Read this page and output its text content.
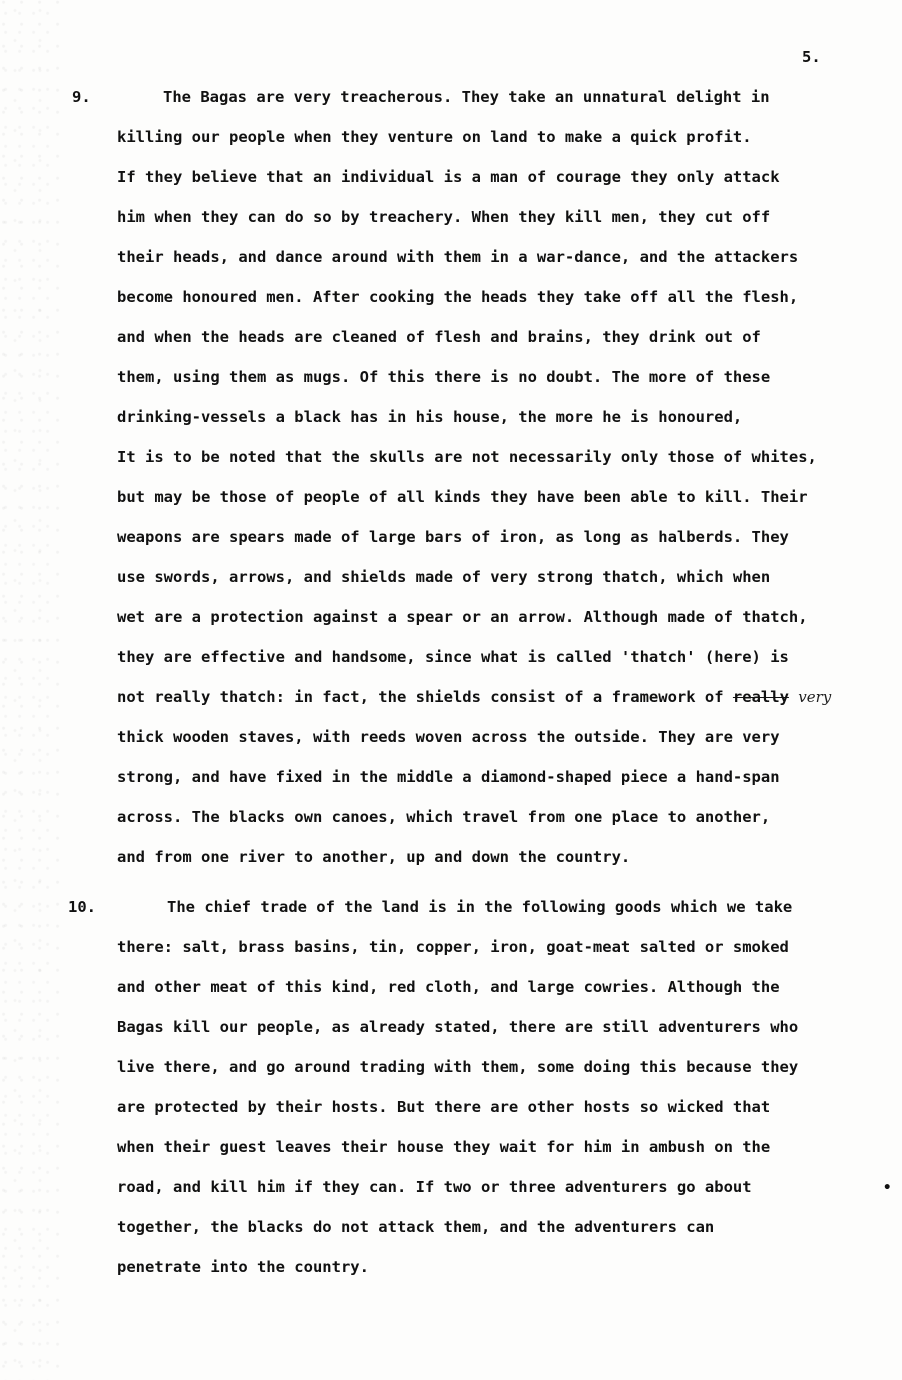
5.
9.	The Bagas are very treacherous. They take an unnatural delight in
killing our people when they venture on land to make a quick profit.
If they believe that an individual is a man of courage they only attack
him when they can do so by treachery. When they kill men, they cut off
their heads, and dance around with them in a war-dance, and the attackers
become honoured men. After cooking the heads they take off all the flesh,
and when the heads are cleaned of flesh and brains, they drink out of
them, using them as mugs. Of this there is no doubt. The more of these
drinking-vessels a black has in his house, the more he is honoured,
It is to be noted that the skulls are not necessarily only those of whites,
but may be those of people of all kinds they have been able to kill. Their
weapons are spears made of large bars of iron, as long as halberds. They
use swords, arrows, and shields made of very strong thatch, which when
wet are a protection against a spear or an arrow. Although made of thatch,
they are effective and handsome, since what is called 'thatch' (here) is
not really thatch: in fact, the shields consist of a framework of really very
thick wooden staves, with reeds woven across the outside. They are very
strong, and have fixed in the middle a diamond-shaped piece a hand-span
across. The blacks own canoes, which travel from one place to another,
and from one river to another, up and down the country.
10.	The chief trade of the land is in the following goods which we take
there: salt, brass basins, tin, copper, iron, goat-meat salted or smoked
and other meat of this kind, red cloth, and large cowries. Although the
Bagas kill our people, as already stated, there are still adventurers who
live there, and go around trading with them, some doing this because they
are protected by their hosts. But there are other hosts so wicked that
when their guest leaves their house they wait for him in ambush on the
road, and kill him if they can. If two or three adventurers go about
together, the blacks do not attack them, and the adventurers can
penetrate into the country.
•
